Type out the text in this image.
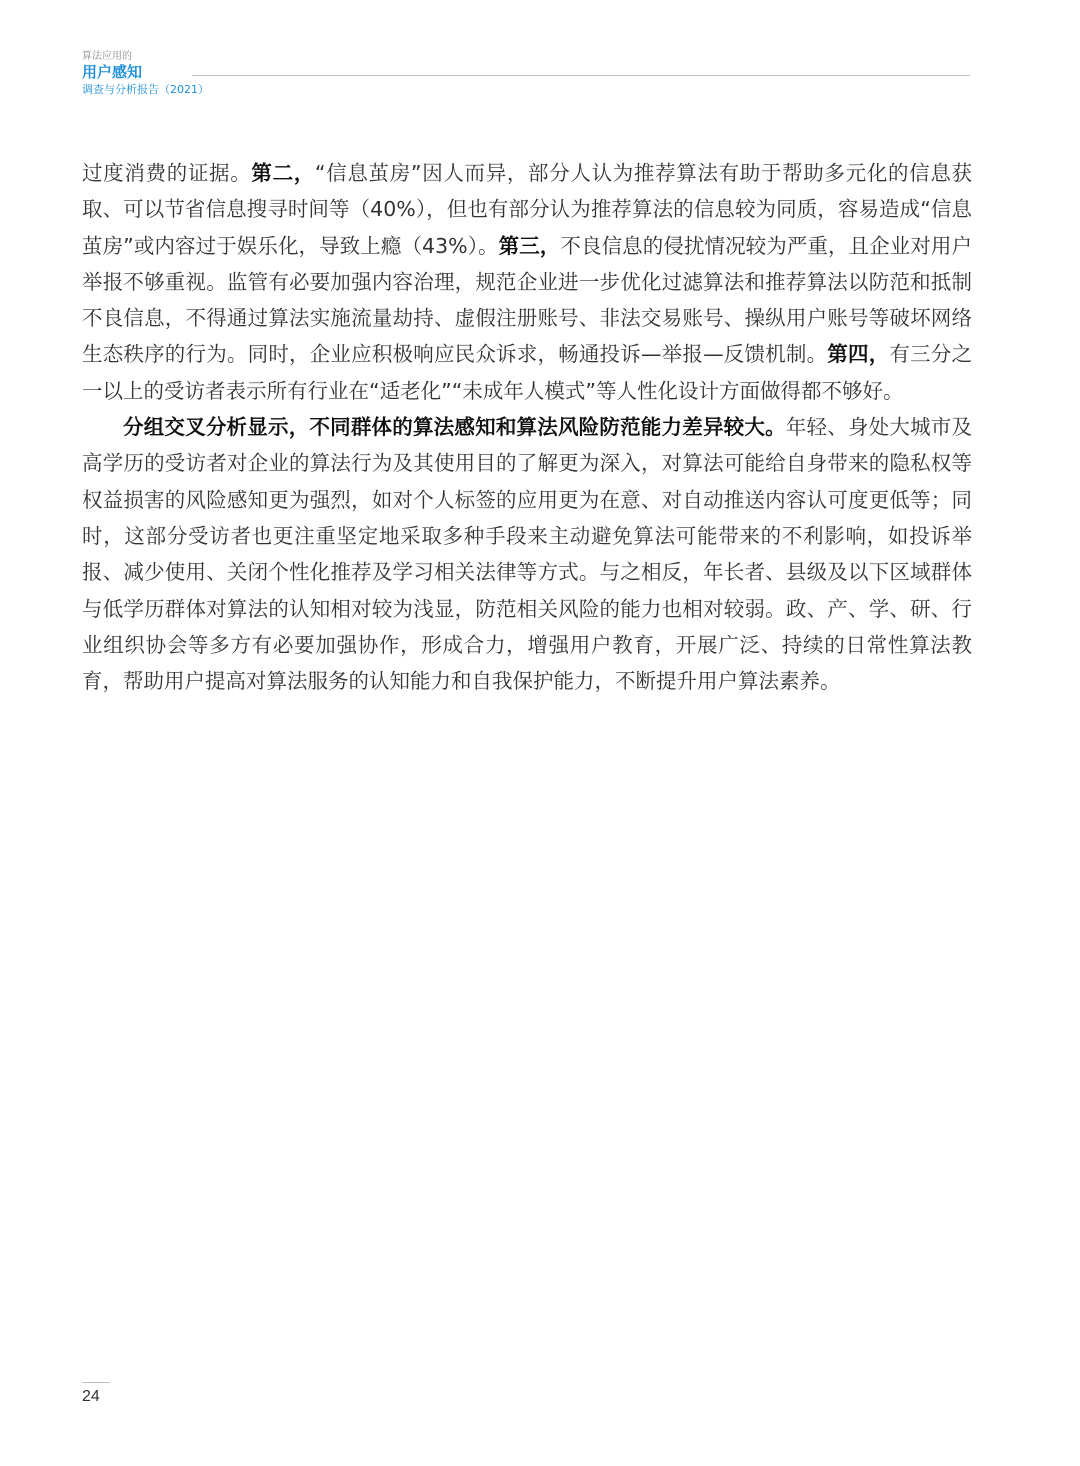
算法应用的
用户感知
调查与分析报告（2021）

过度消费的证据。第二，“信息茧房”因人而异，部分人认为推荐算法有助于帮助多元化的信息获取、可以节省信息搜寻时间等（40%），但也有部分认为推荐算法的信息较为同质，容易造成“信息茧房”或内容过于娱乐化，导致上瘾（43%）。第三，不良信息的侵扰情况较为严重，且企业对用户举报不够重视。监管有必要加强内容治理，规范企业进一步优化过滤算法和推荐算法以防范和抵制不良信息，不得通过算法实施流量劫持、虚假注册账号、非法交易账号、操纵用户账号等破坏网络生态秩序的行为。同时，企业应积极响应民众诉求，畅通投诉—举报—反馈机制。第四，有三分之一以上的受访者表示所有行业在“适老化”“未成年人模式”等人性化设计方面做得都不够好。

分组交叉分析显示，不同群体的算法感知和算法风险防范能力差异较大。年轻、身处大城市及高学历的受访者对企业的算法行为及其使用目的了解更为深入，对算法可能给自身带来的隐私权等权益损害的风险感知更为强烈，如对个人标签的应用更为在意、对自动推送内容认可度更低等；同时，这部分受访者也更注重坚定地采取多种手段来主动避免算法可能带来的不利影响，如投诉举报、减少使用、关闭个性化推荐及学习相关法律等方式。与之相反，年长者、县级及以下区域群体与低学历群体对算法的认知相对较为浅显，防范相关风险的能力也相对较弱。政、产、学、研、行业组织协会等多方有必要加强协作，形成合力，增强用户教育，开展广泛、持续的日常性算法教育，帮助用户提高对算法服务的认知能力和自我保护能力，不断提升用户算法素养。

24
